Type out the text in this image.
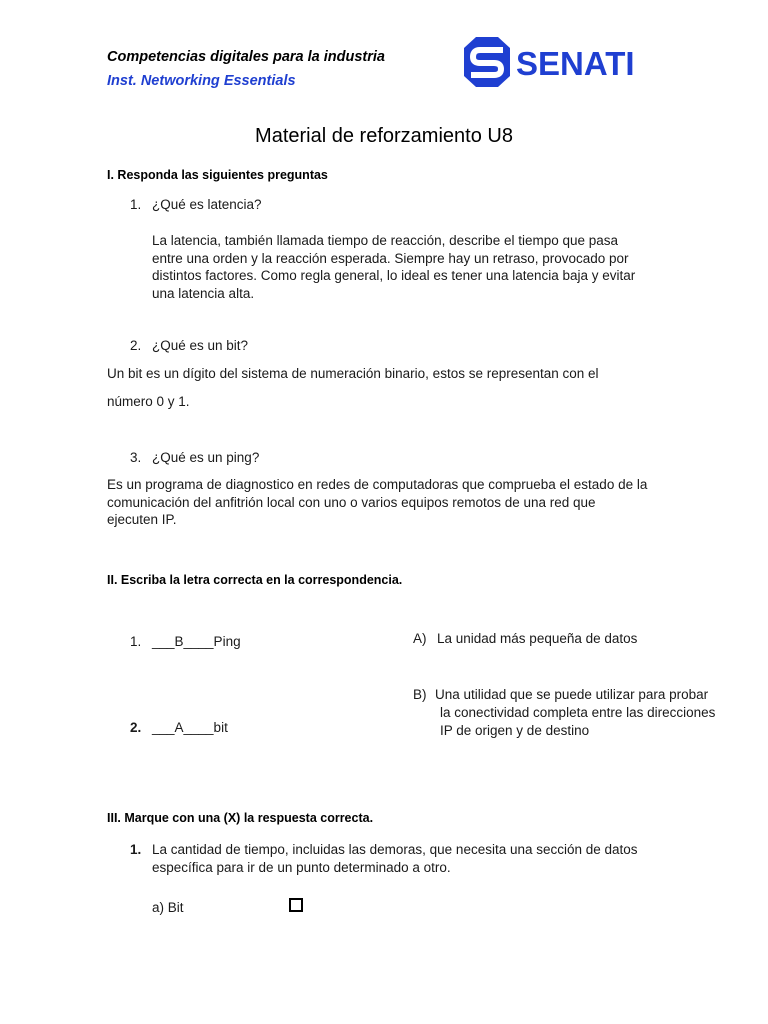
Competencias digitales para la industria
Inst. Networking Essentials	SENATI
Material de reforzamiento U8
I. Responda las siguientes preguntas
1. ¿Qué es latencia?
La latencia, también llamada tiempo de reacción, describe el tiempo que pasa
entre una orden y la reacción esperada. Siempre hay un retraso, provocado por
distintos factores. Como regla general, lo ideal es tener una latencia baja y evitar
una latencia alta.
2. ¿Qué es un bit?
Un bit es un dígito del sistema de numeración binario, estos se representan con el
número 0 y 1.
3. ¿Qué es un ping?
Es un programa de diagnostico en redes de computadoras que comprueba el estado de la
comunicación del anfitrión local con uno o varios equipos remotos de una red que
ejecuten IP.
II. Escriba la letra correcta en la correspondencia.
1. ___B____Ping
2. ___A____bit
A) La unidad más pequeña de datos
B) Una utilidad que se puede utilizar para probar
la conectividad completa entre las direcciones
IP de origen y de destino
III. Marque con una (X) la respuesta correcta.
1. La cantidad de tiempo, incluidas las demoras, que necesita una sección de datos
específica para ir de un punto determinado a otro.
a) Bit
